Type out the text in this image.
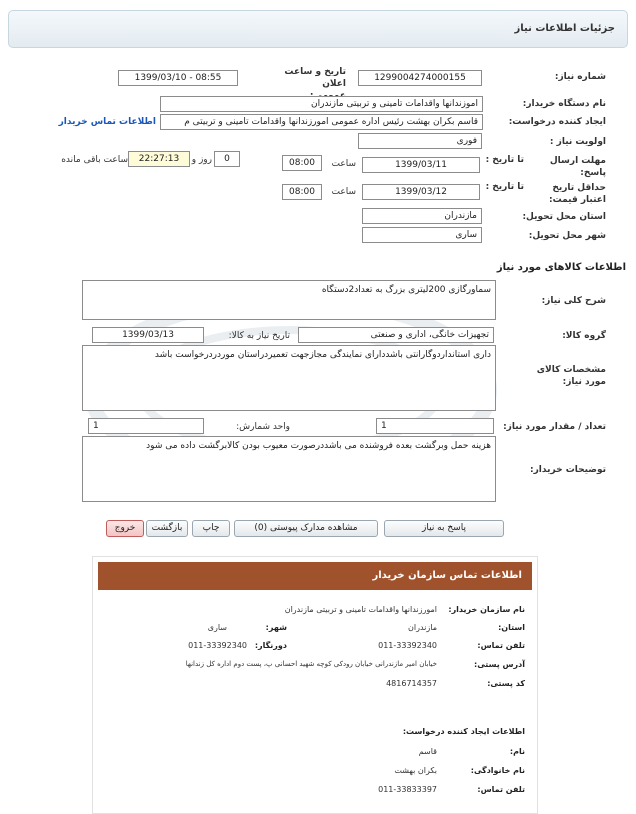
جزئیات اطلاعات نیاز
شماره نیاز:
1299004274000155
تاریخ و ساعت اعلان
1399/03/10 - 08:55
نام دستگاه خریدار:
اموزندانها واقدامات تامینی و تربیتی مازندران
ایجاد کننده درخواست:
قاسم بکران بهشت رئیس اداره عمومی امورزندانها واقدامات تامینی و تربیتی م
اطلاعات تماس خریدار
اولویت نیاز :
فوری
مهلت ارسال پاسخ:
تا تاریخ :
1399/03/11
ساعت
08:00
0
روز و
22:27:13
ساعت باقی مانده
حداقل تاریخ اعتبار قیمت:
تا تاریخ :
1399/03/12
ساعت
08:00
استان محل تحویل:
مازندران
شهر محل تحویل:
ساری
اطلاعات کالاهای مورد نیاز
شرح کلی نیاز:
سماورگازی 200لیتری بزرگ به تعداد2دستگاه
گروه کالا:
تجهیزات خانگی، اداری و صنعتی
تاریخ نیاز به کالا:
1399/03/13
مشخصات کالای مورد نیاز:
داری استانداردوگارانتی باشددارای نمایندگی مجازجهت تعمیردراستان موردردرخواست باشد
تعداد / مقدار مورد نیاز:
1
واحد شمارش:
1
توضیحات خریدار:
هزینه حمل وبرگشت بعده فروشنده می باشددرصورت معیوب بودن کالابرگشت داده می شود
پاسخ به نیاز
مشاهده مدارک پیوستی (0)
چاپ
بازگشت
خروج
اطلاعات تماس سازمان خریدار
نام سازمان خریدار:
امورزندانها واقدامات تامینی و تربیتی مازندران
استان:
مازندران
شهر:
ساری
تلفن تماس:
011-33392340
دورنگار:
011-33392340
آدرس پستی:
خیابان امیر مازندرانی خیابان رودکی کوچه شهید احسانی پ، پست دوم اداره کل زندانها
کد پستی:
4816714357
اطلاعات ایجاد کننده درخواست:
نام:
قاسم
نام خانوادگی:
بکران بهشت
تلفن تماس:
011-33833397
